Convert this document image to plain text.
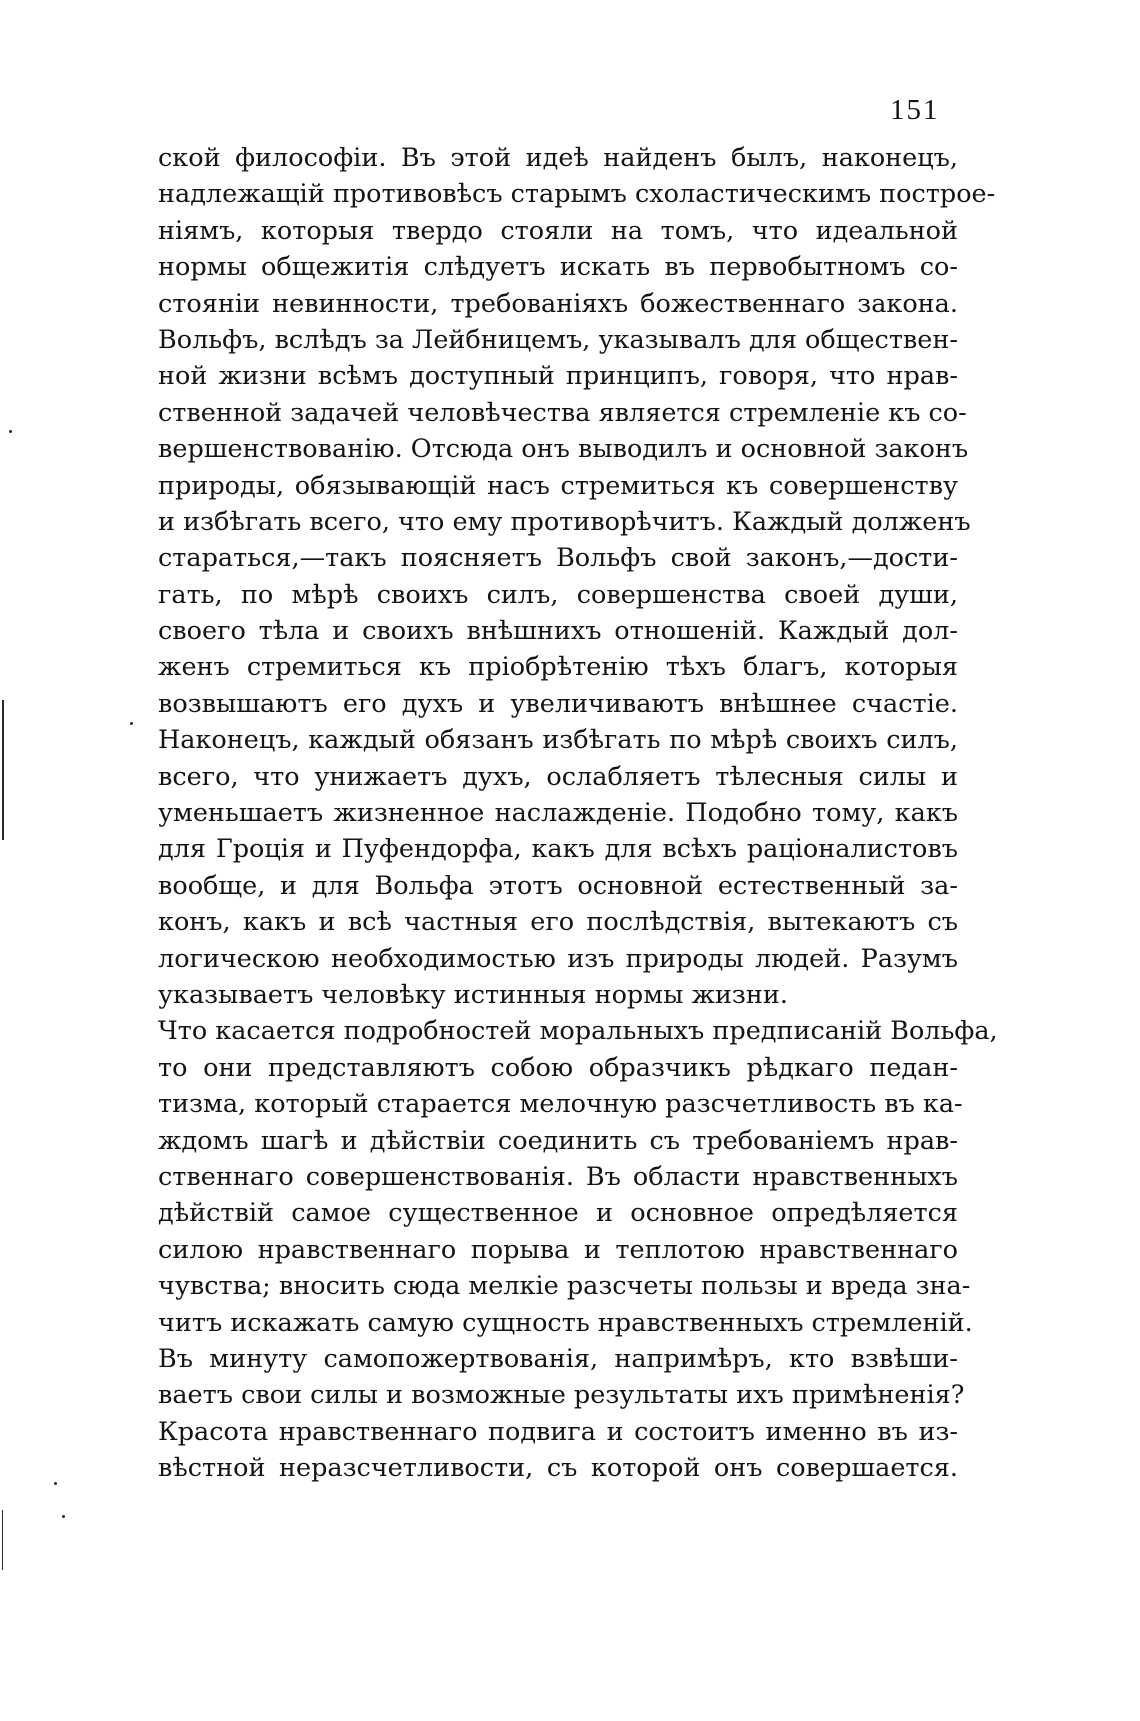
151
ской философіи. Въ этой идеѣ найденъ былъ, наконецъ,
надлежащій противовѣсъ старымъ схоластическимъ построе-
ніямъ, которыя твердо стояли на томъ, что идеальной
нормы общежитія слѣдуетъ искать въ первобытномъ со-
стояніи невинности, требованіяхъ божественнаго закона.
Вольфъ, вслѣдъ за Лейбницемъ, указывалъ для обществен-
ной жизни всѣмъ доступный принципъ, говоря, что нрав-
ственной задачей человѣчества является стремленіе къ со-
вершенствованію. Отсюда онъ выводилъ и основной законъ
природы, обязывающій насъ стремиться къ совершенству
и избѣгать всего, что ему противорѣчитъ. Каждый долженъ
стараться,—такъ поясняетъ Вольфъ свой законъ,—дости-
гать, по мѣрѣ своихъ силъ, совершенства своей души,
своего тѣла и своихъ внѣшнихъ отношеній. Каждый дол-
женъ стремиться къ пріобрѣтенію тѣхъ благъ, которыя
возвышаютъ его духъ и увеличиваютъ внѣшнее счастіе.
Наконецъ, каждый обязанъ избѣгать по мѣрѣ своихъ силъ,
всего, что унижаетъ духъ, ослабляетъ тѣлесныя силы и
уменьшаетъ жизненное наслажденіе. Подобно тому, какъ
для Гроція и Пуфендорфа, какъ для всѣхъ раціоналистовъ
вообще, и для Вольфа этотъ основной естественный за-
конъ, какъ и всѣ частныя его послѣдствія, вытекаютъ съ
логическою необходимостью изъ природы людей. Разумъ
указываетъ человѣку истинныя нормы жизни.
Что касается подробностей моральныхъ предписаній Вольфа,
то они представляютъ собою образчикъ рѣдкаго педан-
тизма, который старается мелочную разсчетливость въ ка-
ждомъ шагѣ и дѣйствіи соединить съ требованіемъ нрав-
ственнаго совершенствованія. Въ области нравственныхъ
дѣйствій самое существенное и основное опредѣляется
силою нравственнаго порыва и теплотою нравственнаго
чувства; вносить сюда мелкіе разсчеты пользы и вреда зна-
читъ искажать самую сущность нравственныхъ стремленій.
Въ минуту самопожертвованія, напримѣръ, кто взвѣши-
ваетъ свои силы и возможные результаты ихъ примѣненія?
Красота нравственнаго подвига и состоитъ именно въ из-
вѣстной неразсчетливости, съ которой онъ совершается.
